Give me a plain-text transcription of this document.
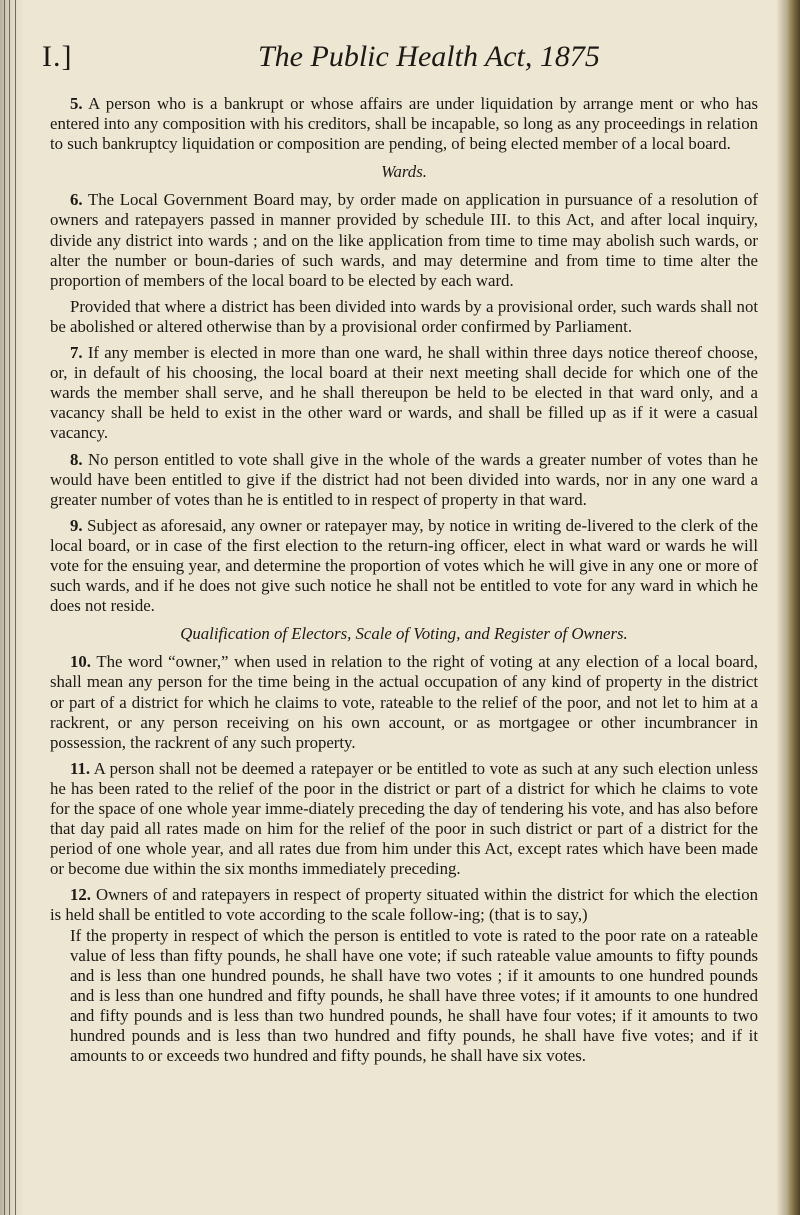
I.]	The Public Health Act, 1875

5. A person who is a bankrupt or whose affairs are under liquidation by arrange ment or who has entered into any composition with his creditors, shall be incapable, so long as any proceedings in relation to such bankruptcy liquidation or composition are pending, of being elected member of a local board.

Wards.

6. The Local Government Board may, by order made on application in pursuance of a resolution of owners and ratepayers passed in manner provided by schedule III. to this Act, and after local inquiry, divide any district into wards ; and on the like application from time to time may abolish such wards, or alter the number or boun-daries of such wards, and may determine and from time to time alter the proportion of members of the local board to be elected by each ward.

Provided that where a district has been divided into wards by a provisional order, such wards shall not be abolished or altered otherwise than by a provisional order confirmed by Parliament.

7. If any member is elected in more than one ward, he shall within three days notice thereof choose, or, in default of his choosing, the local board at their next meeting shall decide for which one of the wards the member shall serve, and he shall thereupon be held to be elected in that ward only, and a vacancy shall be held to exist in the other ward or wards, and shall be filled up as if it were a casual vacancy.

8. No person entitled to vote shall give in the whole of the wards a greater number of votes than he would have been entitled to give if the district had not been divided into wards, nor in any one ward a greater number of votes than he is entitled to in respect of property in that ward.

9. Subject as aforesaid, any owner or ratepayer may, by notice in writing de-livered to the clerk of the local board, or in case of the first election to the return-ing officer, elect in what ward or wards he will vote for the ensuing year, and determine the proportion of votes which he will give in any one or more of such wards, and if he does not give such notice he shall not be entitled to vote for any ward in which he does not reside.

Qualification of Electors, Scale of Voting, and Register of Owners.

10. The word “owner,” when used in relation to the right of voting at any election of a local board, shall mean any person for the time being in the actual occupation of any kind of property in the district or part of a district for which he claims to vote, rateable to the relief of the poor, and not let to him at a rackrent, or any person receiving on his own account, or as mortgagee or other incumbrancer in possession, the rackrent of any such property.

11. A person shall not be deemed a ratepayer or be entitled to vote as such at any such election unless he has been rated to the relief of the poor in the district or part of a district for which he claims to vote for the space of one whole year imme-diately preceding the day of tendering his vote, and has also before that day paid all rates made on him for the relief of the poor in such district or part of a district for the period of one whole year, and all rates due from him under this Act, except rates which have been made or become due within the six months immediately preceding.

12. Owners of and ratepayers in respect of property situated within the district for which the election is held shall be entitled to vote according to the scale follow-ing; (that is to say,)

If the property in respect of which the person is entitled to vote is rated to the poor rate on a rateable value of less than fifty pounds, he shall have one vote; if such rateable value amounts to fifty pounds and is less than one hundred pounds, he shall have two votes ; if it amounts to one hundred pounds and is less than one hundred and fifty pounds, he shall have three votes; if it amounts to one hundred and fifty pounds and is less than two hundred pounds, he shall have four votes; if it amounts to two hundred pounds and is less than two hundred and fifty pounds, he shall have five votes; and if it amounts to or exceeds two hundred and fifty pounds, he shall have six votes.
